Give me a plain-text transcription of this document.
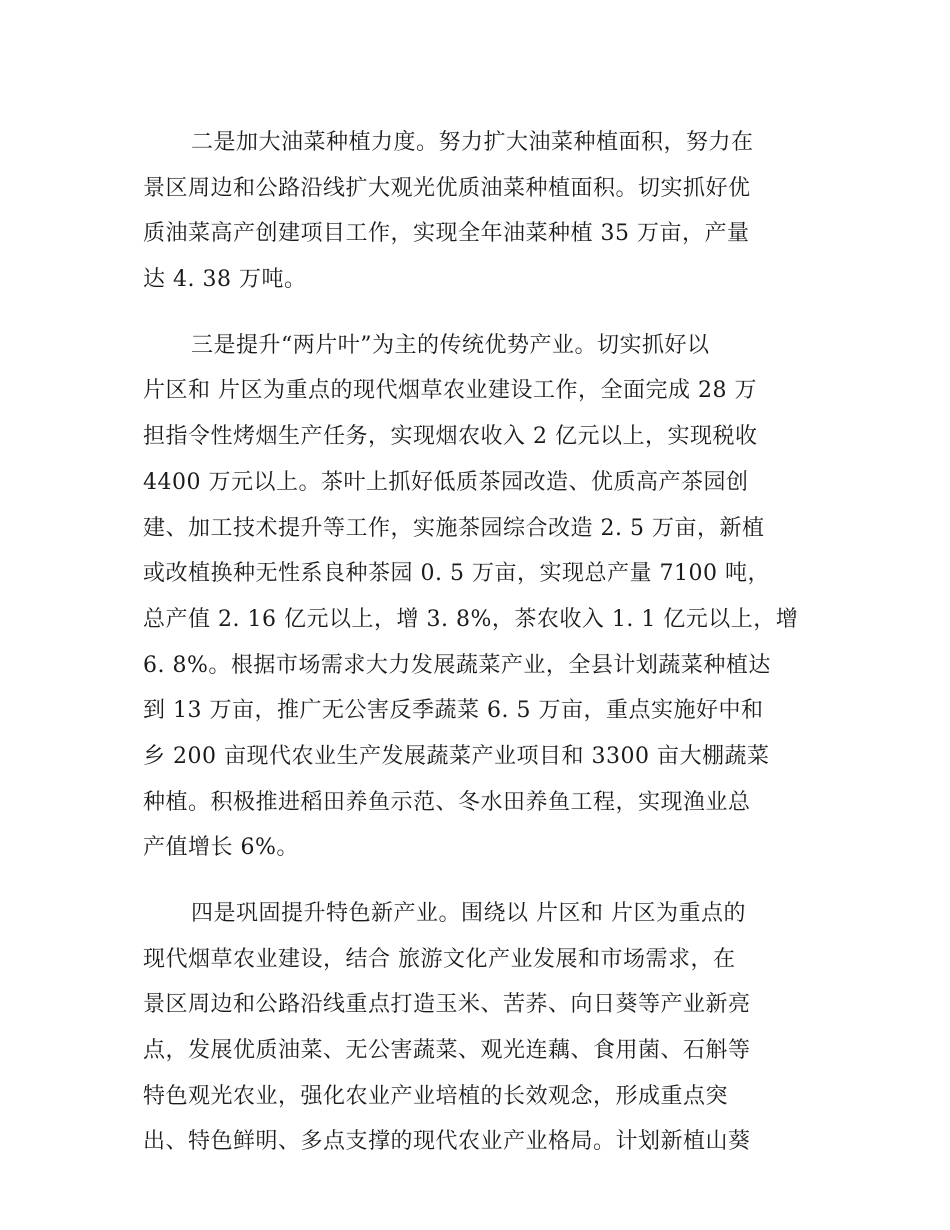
二是加大油菜种植力度。努力扩大油菜种植面积，努力在
景区周边和公路沿线扩大观光优质油菜种植面积。切实抓好优
质油菜高产创建项目工作，实现全年油菜种植 35 万亩，产量
达 4. 38 万吨。
三是提升“两片叶”为主的传统优势产业。切实抓好以
片区和 片区为重点的现代烟草农业建设工作，全面完成 28 万
担指令性烤烟生产任务，实现烟农收入 2 亿元以上，实现税收
4400 万元以上。茶叶上抓好低质茶园改造、优质高产茶园创
建、加工技术提升等工作，实施茶园综合改造 2. 5 万亩，新植
或改植换种无性系良种茶园 0. 5 万亩，实现总产量 7100 吨，
总产值 2. 16 亿元以上，增 3. 8%，茶农收入 1. 1 亿元以上，增
6. 8%。根据市场需求大力发展蔬菜产业，全县计划蔬菜种植达
到 13 万亩，推广无公害反季蔬菜 6. 5 万亩，重点实施好中和
乡 200 亩现代农业生产发展蔬菜产业项目和 3300 亩大棚蔬菜
种植。积极推进稻田养鱼示范、冬水田养鱼工程，实现渔业总
产值增长 6%。
四是巩固提升特色新产业。围绕以 片区和 片区为重点的
现代烟草农业建设，结合 旅游文化产业发展和市场需求，在
景区周边和公路沿线重点打造玉米、苦荞、向日葵等产业新亮
点，发展优质油菜、无公害蔬菜、观光连藕、食用菌、石斛等
特色观光农业，强化农业产业培植的长效观念，形成重点突
出、特色鲜明、多点支撑的现代农业产业格局。计划新植山葵
